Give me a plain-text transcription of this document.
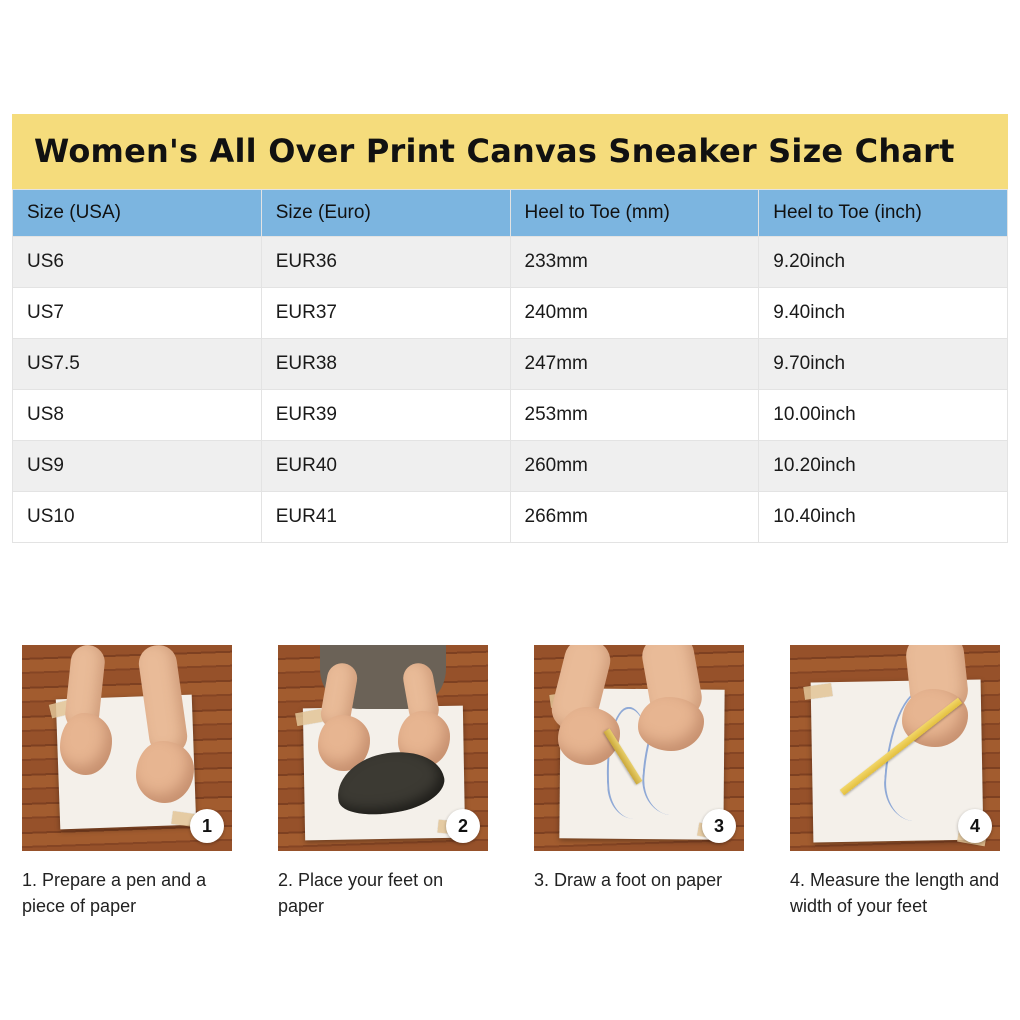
Women's All Over Print Canvas Sneaker Size Chart
Size (USA)	Size (Euro)	Heel to Toe (mm)	Heel to Toe (inch)
US6	EUR36	233mm	9.20inch
US7	EUR37	240mm	9.40inch
US7.5	EUR38	247mm	9.70inch
US8	EUR39	253mm	10.00inch
US9	EUR40	260mm	10.20inch
US10	EUR41	266mm	10.40inch
1
1. Prepare a pen and a piece of paper
2
2. Place your feet on paper
3
3. Draw a foot on paper
4
4. Measure the length and width of your feet
